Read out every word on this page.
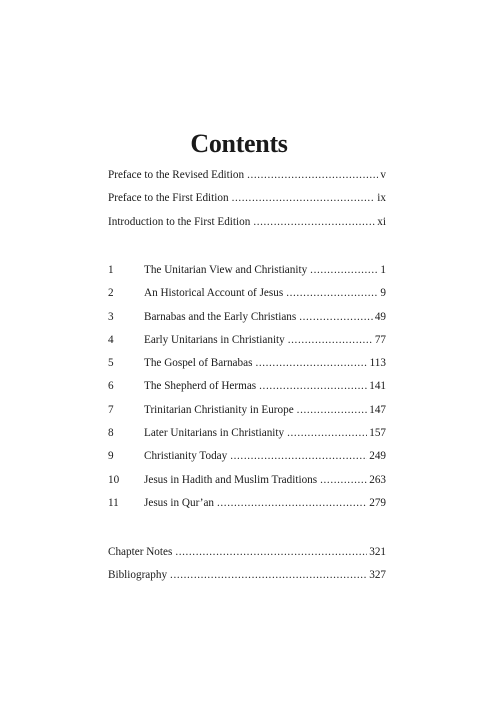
Contents
Preface to the Revised Edition .....	v
Preface to the First Edition .....	ix
Introduction to the First Edition .....	xi
1	The Unitarian View and Christianity .....	1
2	An Historical Account of Jesus .....	9
3	Barnabas and the Early Christians .....	49
4	Early Unitarians in Christianity .....	77
5	The Gospel of Barnabas .....	113
6	The Shepherd of Hermas .....	141
7	Trinitarian Christianity in Europe .....	147
8	Later Unitarians in Christianity .....	157
9	Christianity Today .....	249
10 Jesus in Hadith and Muslim Traditions .....	263
11 Jesus in Qur’an .....	279
Chapter Notes .....	321
Bibliography .....	327
